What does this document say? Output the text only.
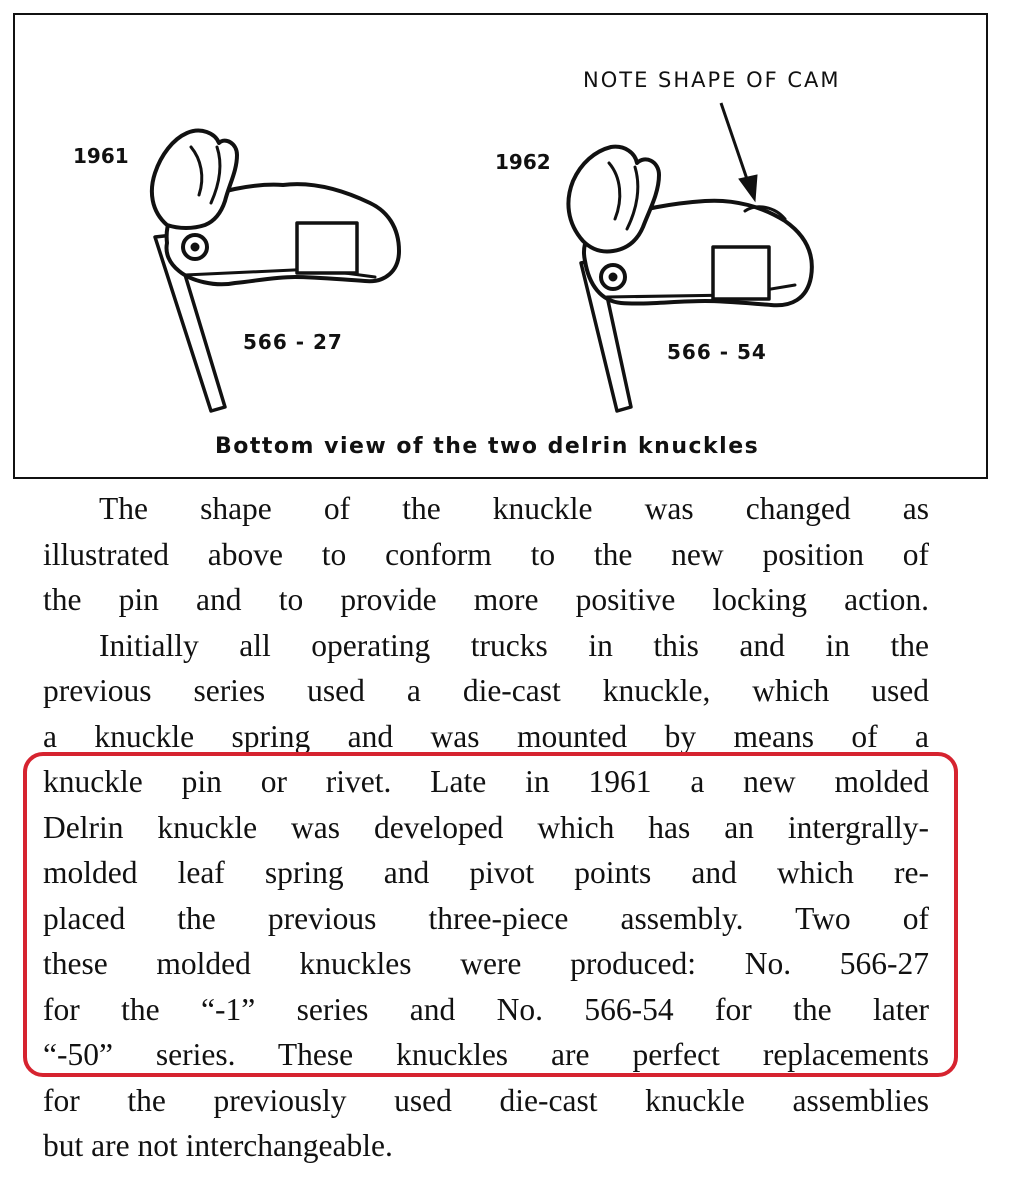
1961	1962
566 - 27	566 - 54
NOTE SHAPE OF CAM
Bottom view of the two delrin knuckles
The shape of the knuckle was changed as
illustrated above to conform to the new position of
the pin and to provide more positive locking action.
Initially all operating trucks in this and in the
previous series used a die-cast knuckle, which used
a knuckle spring and was mounted by means of a
knuckle pin or rivet. Late in 1961 a new molded
Delrin knuckle was developed which has an intergrally-
molded leaf spring and pivot points and which re-
placed the previous three-piece assembly. Two of
these molded knuckles were produced: No. 566-27
for the “-1” series and No. 566-54 for the later
“-50” series. These knuckles are perfect replacements
for the previously used die-cast knuckle assemblies
but are not interchangeable.
